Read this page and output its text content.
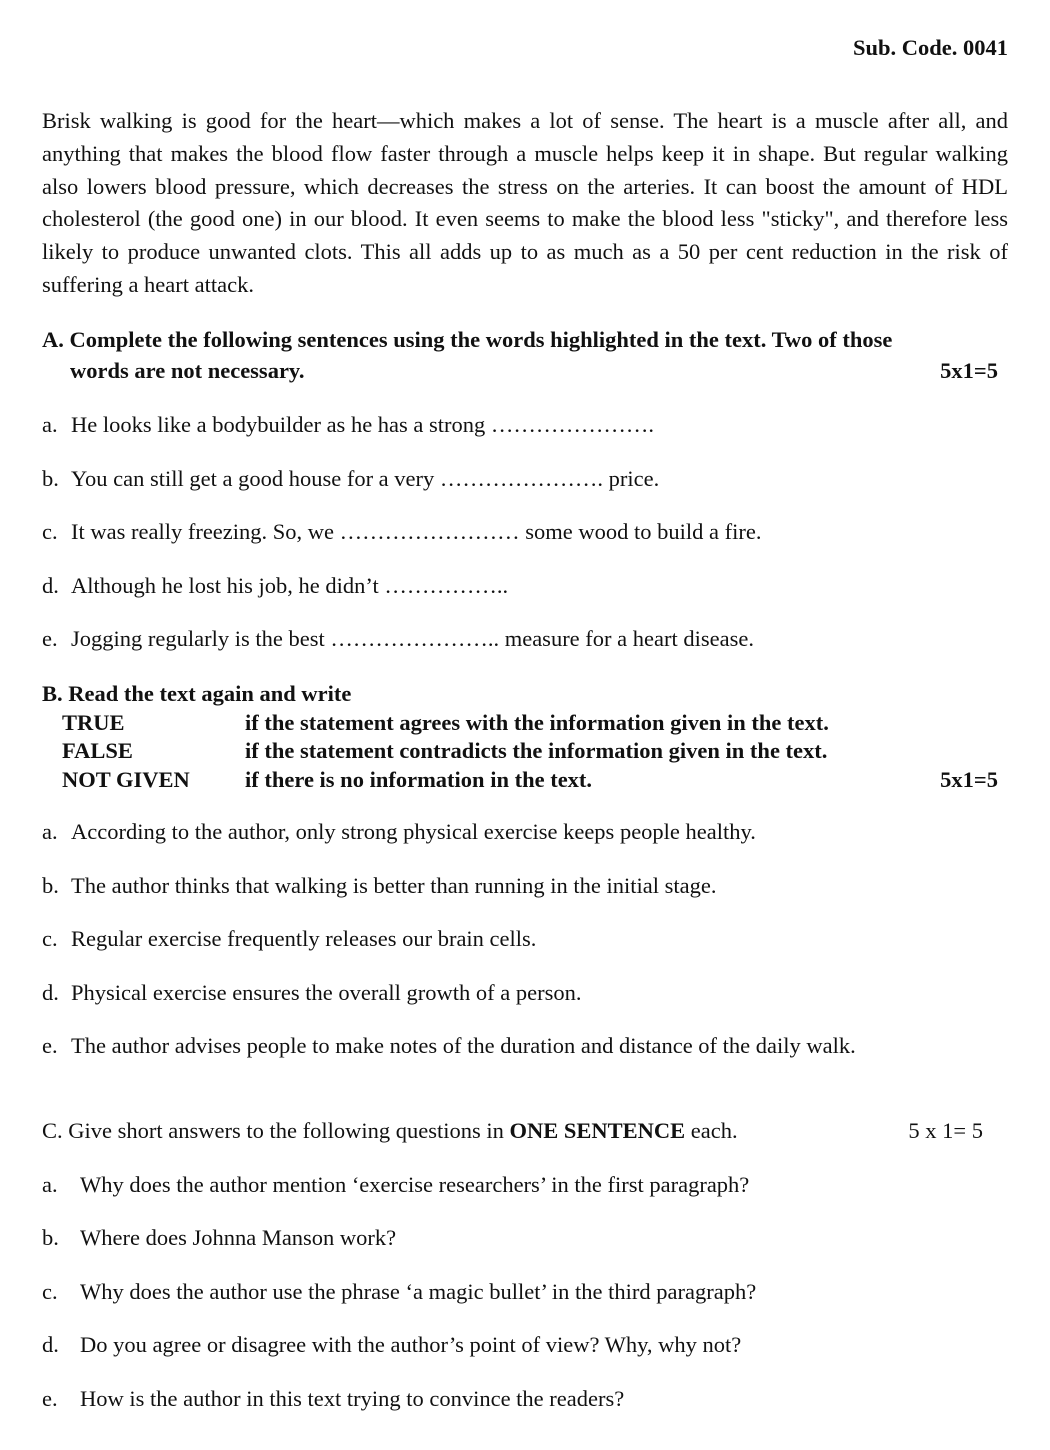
Sub. Code. 0041

Brisk walking is good for the heart—which makes a lot of sense. The heart is a muscle after all, and anything that makes the blood flow faster through a muscle helps keep it in shape. But regular walking also lowers blood pressure, which decreases the stress on the arteries. It can boost the amount of HDL cholesterol (the good one) in our blood. It even seems to make the blood less "sticky", and therefore less likely to produce unwanted clots. This all adds up to as much as a 50 per cent reduction in the risk of suffering a heart attack.

A. Complete the following sentences using the words highlighted in the text. Two of those
words are not necessary.	5x1=5
a. He looks like a bodybuilder as he has a strong ………………….
b. You can still get a good house for a very …………………. price.
c. It was really freezing. So, we …………………… some wood to build a fire.
d. Although he lost his job, he didn’t ……………..
e. Jogging regularly is the best ………………….. measure for a heart disease.
B. Read the text again and write
TRUE	if the statement agrees with the information given in the text.
FALSE	if the statement contradicts the information given in the text.
NOT GIVEN	if there is no information in the text.	5x1=5
a. According to the author, only strong physical exercise keeps people healthy.
b. The author thinks that walking is better than running in the initial stage.
c. Regular exercise frequently releases our brain cells.
d. Physical exercise ensures the overall growth of a person.
e. The author advises people to make notes of the duration and distance of the daily walk.
C. Give short answers to the following questions in ONE SENTENCE each.	5 x 1= 5
a. Why does the author mention ‘exercise researchers’ in the first paragraph?
b. Where does Johnna Manson work?
c. Why does the author use the phrase ‘a magic bullet’ in the third paragraph?
d. Do you agree or disagree with the author’s point of view? Why, why not?
e. How is the author in this text trying to convince the readers?
